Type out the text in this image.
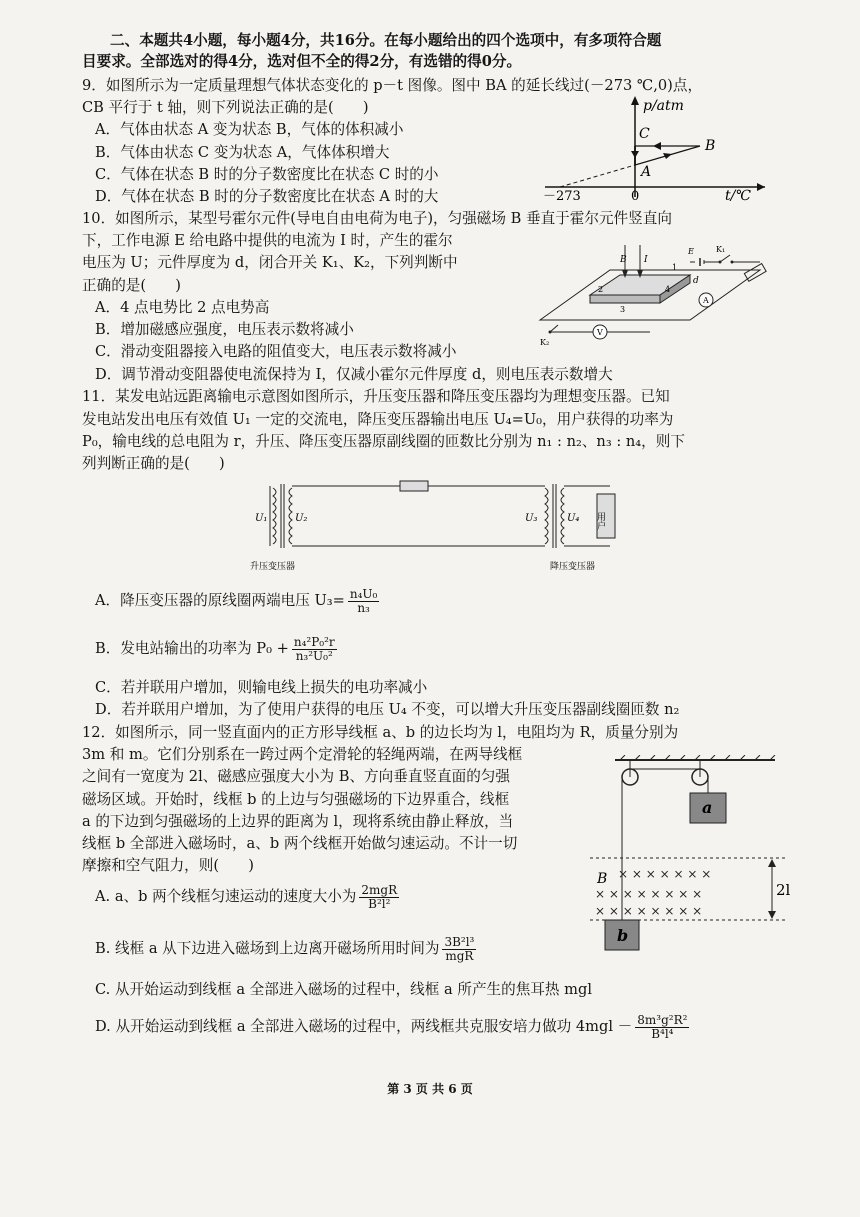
二、本题共4小题，每小题4分，共16分。在每小题给出的四个选项中，有多项符合题
目要求。全部选对的得4分，选对但不全的得2分，有选错的得0分。
9．如图所示为一定质量理想气体状态变化的 p－t 图像。图中 BA 的延长线过(－273 ℃,0)点，
CB 平行于 t 轴，则下列说法正确的是(　　)
A．气体由状态 A 变为状态 B，气体的体积减小
B．气体由状态 C 变为状态 A，气体体积增大
C．气体在状态 B 时的分子数密度比在状态 C 时的小
D．气体在状态 B 时的分子数密度比在状态 A 时的大
p/atm
t/℃
－273	0
A
B
C
10．如图所示，某型号霍尔元件(导电自由电荷为电子)，匀强磁场 B 垂直于霍尔元件竖直向
下，工作电源 E 给电路中提供的电流为 I 时，产生的霍尔
电压为 U；元件厚度为 d，闭合开关 K₁、K₂，下列判断中
正确的是(　　)
A．4 点电势比 2 点电势高
B．增加磁感应强度，电压表示数将减小
C．滑动变阻器接入电路的阻值变大，电压表示数将减小
D．调节滑动变阻器使电流保持为 I，仅减小霍尔元件厚度 d，则电压表示数增大
B I
d
E	K₁
K₂
A
V
1
2
3
4
11．某发电站远距离输电示意图如图所示，升压变压器和降压变压器均为理想变压器。已知
发电站发出电压有效值 U₁ 一定的交流电，降压变压器输出电压 U₄=U₀，用户获得的功率为
P₀，输电线的总电阻为 r，升压、降压变压器原副线圈的匝数比分别为 n₁ : n₂、n₃ : n₄，则下
列判断正确的是(　　)
U₁	U₂	U₃	U₄ 用户
升压变压器	降压变压器
A．降压变压器的原线圈两端电压 $U_3= \frac{\text{n₄U₀}}{\text{n₃}}$
B．发电站输出的功率为 $P_0 + \frac{\text{n₄²P₀²r}}{\text{n₃²U₀²}}$
C．若并联用户增加，则输电线上损失的电功率减小
D．若并联用户增加，为了使用户获得的电压 U₄ 不变，可以增大升压变压器副线圈匝数 n₂
12．如图所示，同一竖直面内的正方形导线框 a、b 的边长均为 l，电阻均为 R，质量分别为
3m 和 m。它们分别系在一跨过两个定滑轮的轻绳两端，在两导线框
之间有一宽度为 2l、磁感应强度大小为 B、方向垂直竖直面的匀强
磁场区域。开始时，线框 b 的上边与匀强磁场的下边界重合，线框
a 的下边到匀强磁场的上边界的距离为 l，现将系统由静止释放，当
线框 b 全部进入磁场时，a、b 两个线框开始做匀速运动。不计一切
摩擦和空气阻力，则(　　)	× × × × × × ×
× × × × × × × ×
× × × × × × × ×
a
b
B
2l
A. a、b 两个线框匀速运动的速度大小为 $\frac{\text{2mgR}}{\text{B²l²}}$
B. 线框 a 从下边进入磁场到上边离开磁场所用时间为 $\frac{\text{3B²l³}}{\text{mgR}}$
C. 从开始运动到线框 a 全部进入磁场的过程中，线框 a 所产生的焦耳热 mgl
D. 从开始运动到线框 a 全部进入磁场的过程中，两线框共克服安培力做功 $4mgl - \frac{\text{8m³g²R²}}{\text{B⁴l⁴}}$
第 3 页 共 6 页
